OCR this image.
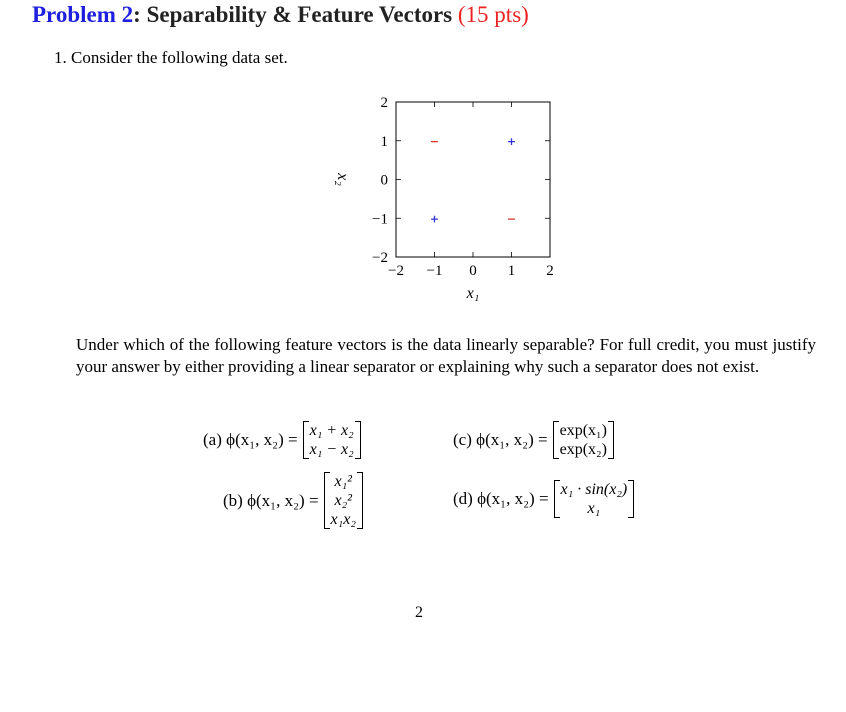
Problem 2: Separability & Feature Vectors (15 pts)
1. Consider the following data set.
−2 −1 0 1 2
−2
−1
0
1
2
+
+
−
−
x₁
x₂
Under which of the following feature vectors is the data linearly separable? For full credit, you must justify your answer by either providing a linear separator or explaining why such a separator does not exist.
(a) ϕ(x₁, x₂) = x₁ + x₂
x₁ − x₂
(b) ϕ(x₁, x₂) =
x₁²
x₂²
x₁x₂
(c) ϕ(x₁, x₂) = exp(x₁)
exp(x₂)
(d) ϕ(x₁, x₂) = x₁ · sin(x₂)
x₁
2
